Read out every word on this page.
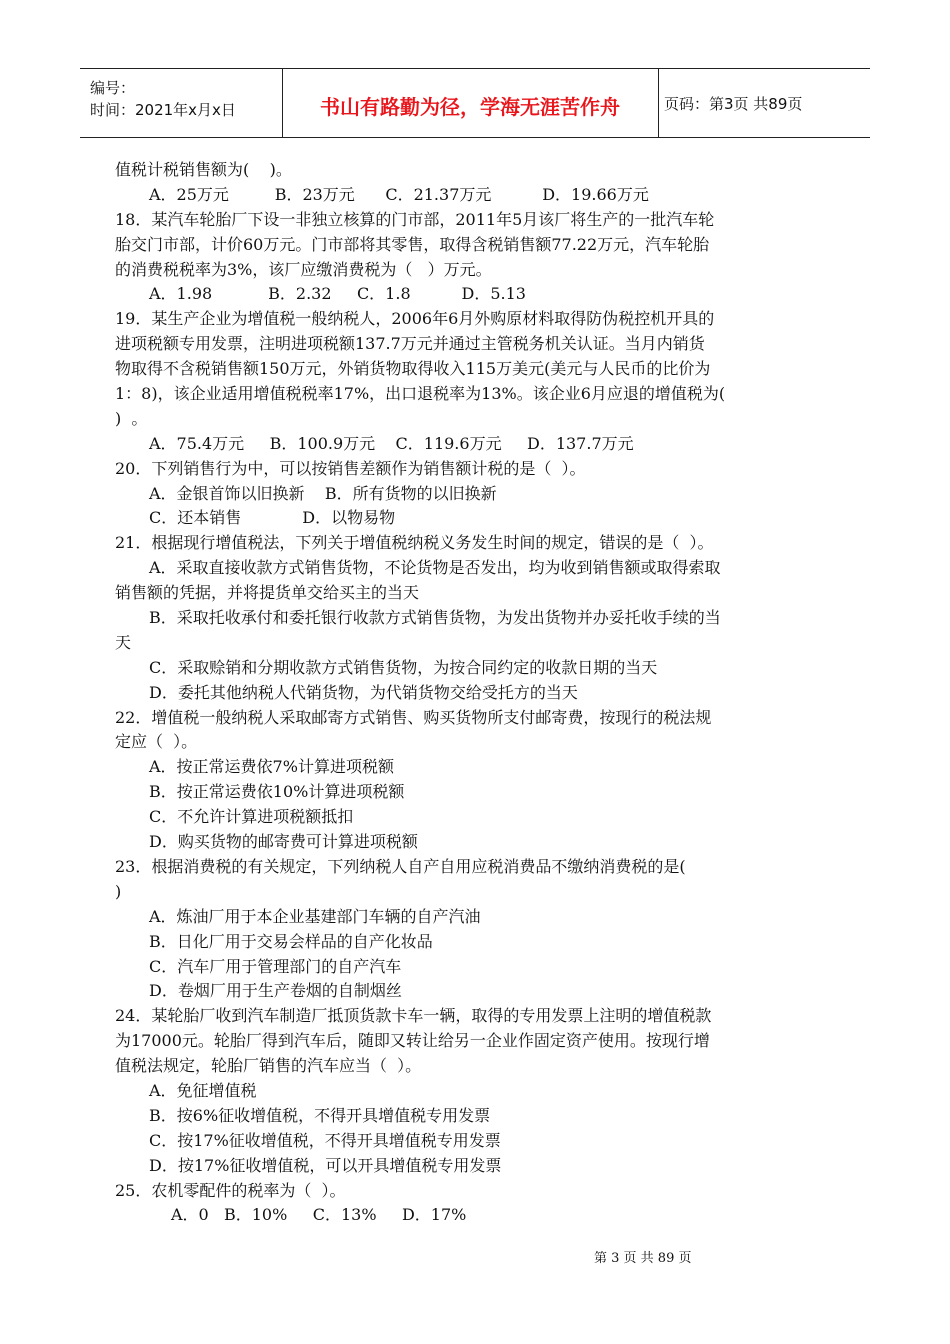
编号：
时间：2021年x月x日	书山有路勤为径，学海无涯苦作舟	页码：第3页 共89页
值税计税销售额为(    )。
A．25万元         B．23万元      C．21.37万元          D．19.66万元
18．某汽车轮胎厂下设一非独立核算的门市部，2011年5月该厂将生产的一批汽车轮
胎交门市部，计价60万元。门市部将其零售，取得含税销售额77.22万元，汽车轮胎
的消费税税率为3%，该厂应缴消费税为（   ）万元。
A．1.98           B．2.32     C．1.8          D．5.13
19．某生产企业为增值税一般纳税人，2006年6月外购原材料取得防伪税控机开具的
进项税额专用发票，注明进项税额137.7万元并通过主管税务机关认证。当月内销货
物取得不含税销售额150万元，外销货物取得收入115万美元(美元与人民币的比价为
1：8)，该企业适用增值税税率17%，出口退税率为13%。该企业6月应退的增值税为(
)  。
A．75.4万元     B．100.9万元    C．119.6万元     D．137.7万元
20．下列销售行为中，可以按销售差额作为销售额计税的是（  ）。
A．金银首饰以旧换新    B．所有货物的以旧换新
C．还本销售            D．以物易物
21．根据现行增值税法，下列关于增值税纳税义务发生时间的规定，错误的是（  ）。
A．采取直接收款方式销售货物，不论货物是否发出，均为收到销售额或取得索取
销售额的凭据，并将提货单交给买主的当天
B．采取托收承付和委托银行收款方式销售货物，为发出货物并办妥托收手续的当
天
C．采取赊销和分期收款方式销售货物，为按合同约定的收款日期的当天
D．委托其他纳税人代销货物，为代销货物交给受托方的当天
22．增值税一般纳税人采取邮寄方式销售、购买货物所支付邮寄费，按现行的税法规
定应（  ）。
A．按正常运费依7%计算进项税额
B．按正常运费依10%计算进项税额
C．不允许计算进项税额抵扣
D．购买货物的邮寄费可计算进项税额
23．根据消费税的有关规定，下列纳税人自产自用应税消费品不缴纳消费税的是(
)
A．炼油厂用于本企业基建部门车辆的自产汽油
B．日化厂用于交易会样品的自产化妆品
C．汽车厂用于管理部门的自产汽车
D．卷烟厂用于生产卷烟的自制烟丝
24．某轮胎厂收到汽车制造厂抵顶货款卡车一辆，取得的专用发票上注明的增值税款
为17000元。轮胎厂得到汽车后，随即又转让给另一企业作固定资产使用。按现行增
值税法规定，轮胎厂销售的汽车应当（  ）。
A．免征增值税
B．按6%征收增值税，不得开具增值税专用发票
C．按17%征收增值税，不得开具增值税专用发票
D．按17%征收增值税，可以开具增值税专用发票
25．农机零配件的税率为（  ）。
A．0   B．10%     C．13%     D．17%
第 3 页 共 89 页
